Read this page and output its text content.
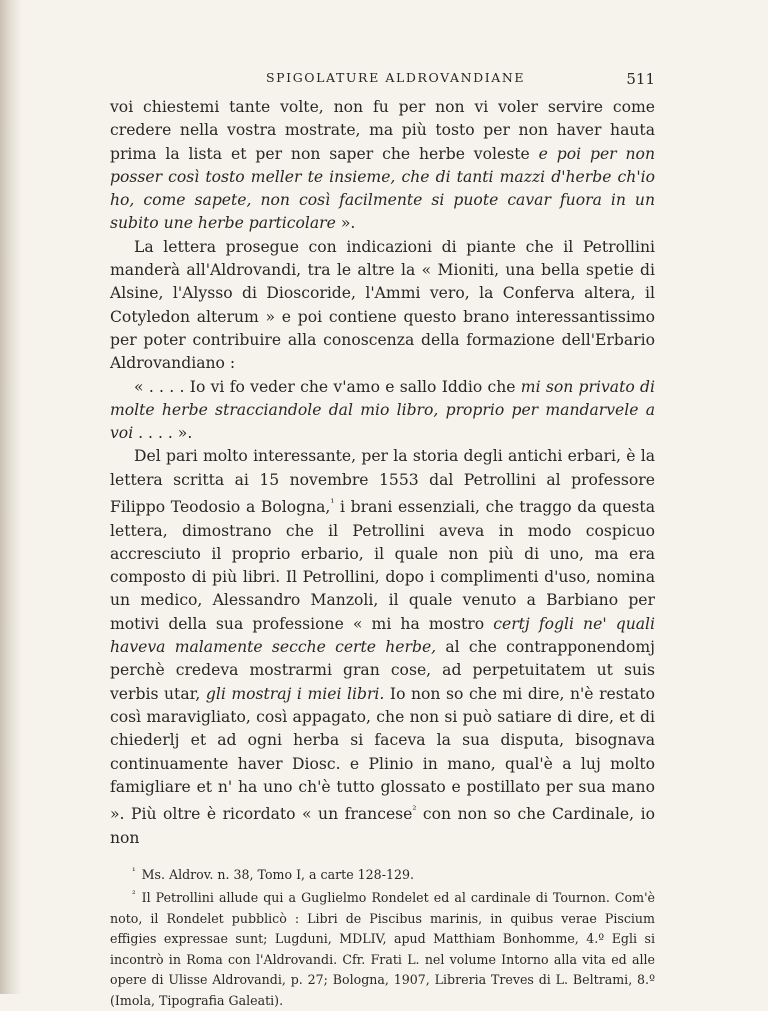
SPIGOLATURE ALDROVANDIANE	511

voi chiestemi tante volte, non fu per non vi voler servire come credere nella vostra mostrate, ma più tosto per non haver hauta prima la lista et per non saper che herbe voleste e poi per non posser così tosto meller te insieme, che di tanti mazzi d'herbe ch'io ho, come sapete, non così facilmente si puote cavar fuora in un subito une herbe particolare ».

La lettera prosegue con indicazioni di piante che il Petrollini manderà all'Aldrovandi, tra le altre la « Mioniti, una bella spetie di Alsine, l'Alysso di Dioscoride, l'Ammi vero, la Conferva altera, il Cotyledon alterum » e poi contiene questo brano interessantissimo per poter contribuire alla conoscenza della formazione dell'Erbario Aldrovandiano :

« . . . . Io vi fo veder che v'amo e sallo Iddio che mi son privato di molte herbe stracciandole dal mio libro, proprio per mandarvele a voi . . . . ».

Del pari molto interessante, per la storia degli antichi erbari, è la lettera scritta ai 15 novembre 1553 dal Petrollini al professore Filippo Teodosio a Bologna,$^{^1}$ i brani essenziali, che traggo da questa lettera, dimostrano che il Petrollini aveva in modo cospicuo accresciuto il proprio erbario, il quale non più di uno, ma era composto di più libri. Il Petrollini, dopo i complimenti d'uso, nomina un medico, Alessandro Manzoli, il quale venuto a Barbiano per motivi della sua professione « mi ha mostro certj fogli ne' quali haveva malamente secche certe herbe, al che contrapponendomj perchè credeva mostrarmi gran cose, ad perpetuitatem ut suis verbis utar, gli mostraj i miei libri. Io non so che mi dire, n'è restato così maravigliato, così appagato, che non si può satiare di dire, et di chiederlj et ad ogni herba si faceva la sua disputa, bisognava continuamente haver Diosc. e Plinio in mano, qual'è a luj molto famigliare et n' ha uno ch'è tutto glossato e postillato per sua mano ». Più oltre è ricordato « un francese$^{^2}$ con non so che Cardinale, io non

$^{^1}$ Ms. Aldrov. n. 38, Tomo I, a carte 128-129.

$^{^2}$ Il Petrollini allude qui a Guglielmo Rondelet ed al cardinale di Tournon. Com'è noto, il Rondelet pubblicò : Libri de Piscibus marinis, in quibus verae Piscium effigies expressae sunt; Lugduni, MDLIV, apud Matthiam Bonhomme, 4.º Egli si incontrò in Roma con l'Aldrovandi. Cfr. Frati L. nel volume Intorno alla vita ed alle opere di Ulisse Aldrovandi, p. 27; Bologna, 1907, Libreria Treves di L. Beltrami, 8.º (Imola, Tipografia Galeati).
